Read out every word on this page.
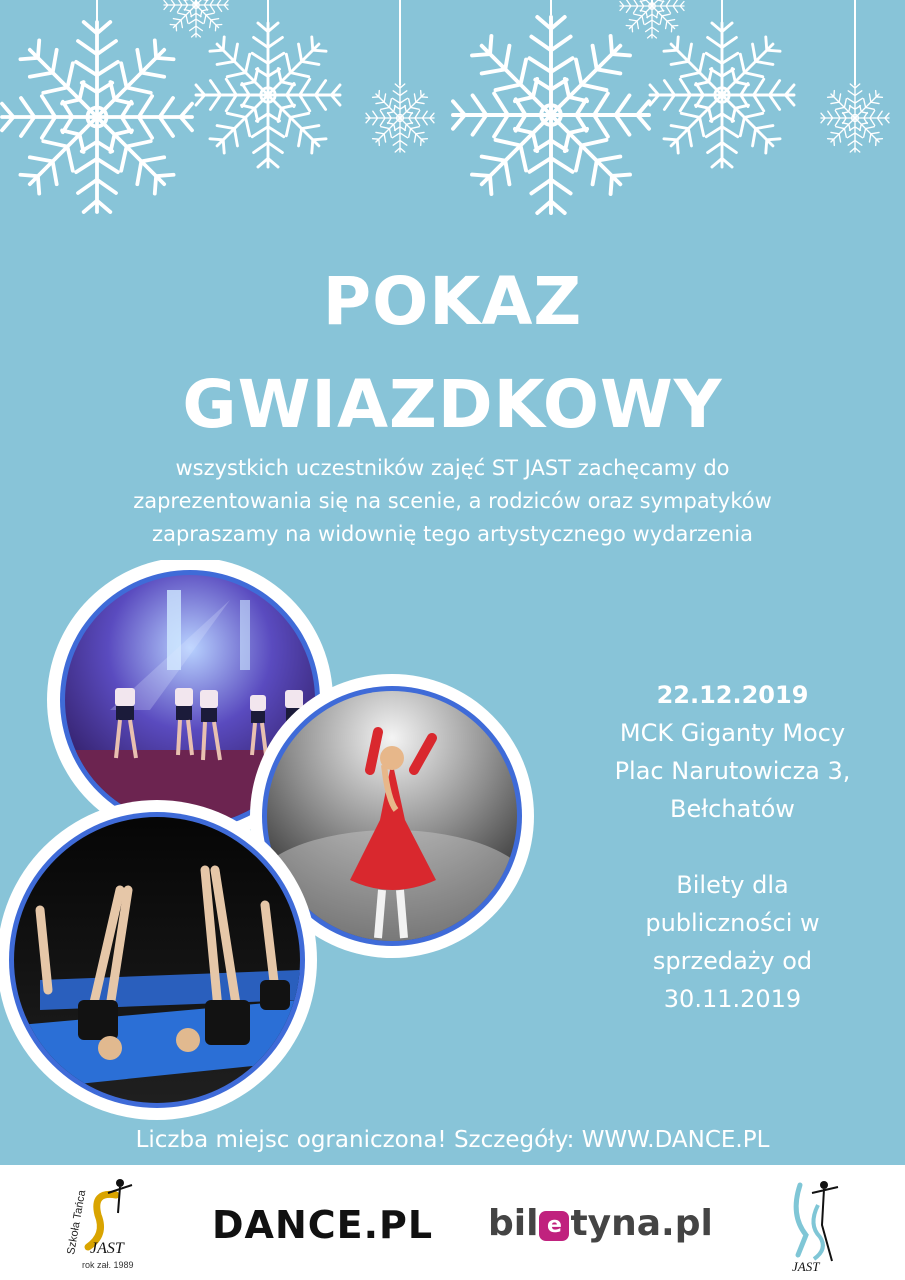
POKAZ
GWIAZDKOWY
wszystkich uczestników zajęć ST JAST zachęcamy do
zaprezentowania się na scenie, a rodziców oraz sympatyków
zapraszamy na widownię tego artystycznego wydarzenia
22.12.2019
MCK Giganty Mocy
Plac Narutowicza 3,
Bełchatów
Bilety dla
publiczności w
sprzedaży od
30.11.2019
Liczba miejsc ograniczona! Szczegóły: WWW.DANCE.PL
Szkoła Tańca JAST
rok zał. 1989
DANCE.PL bil e tyna.pl
JAST
